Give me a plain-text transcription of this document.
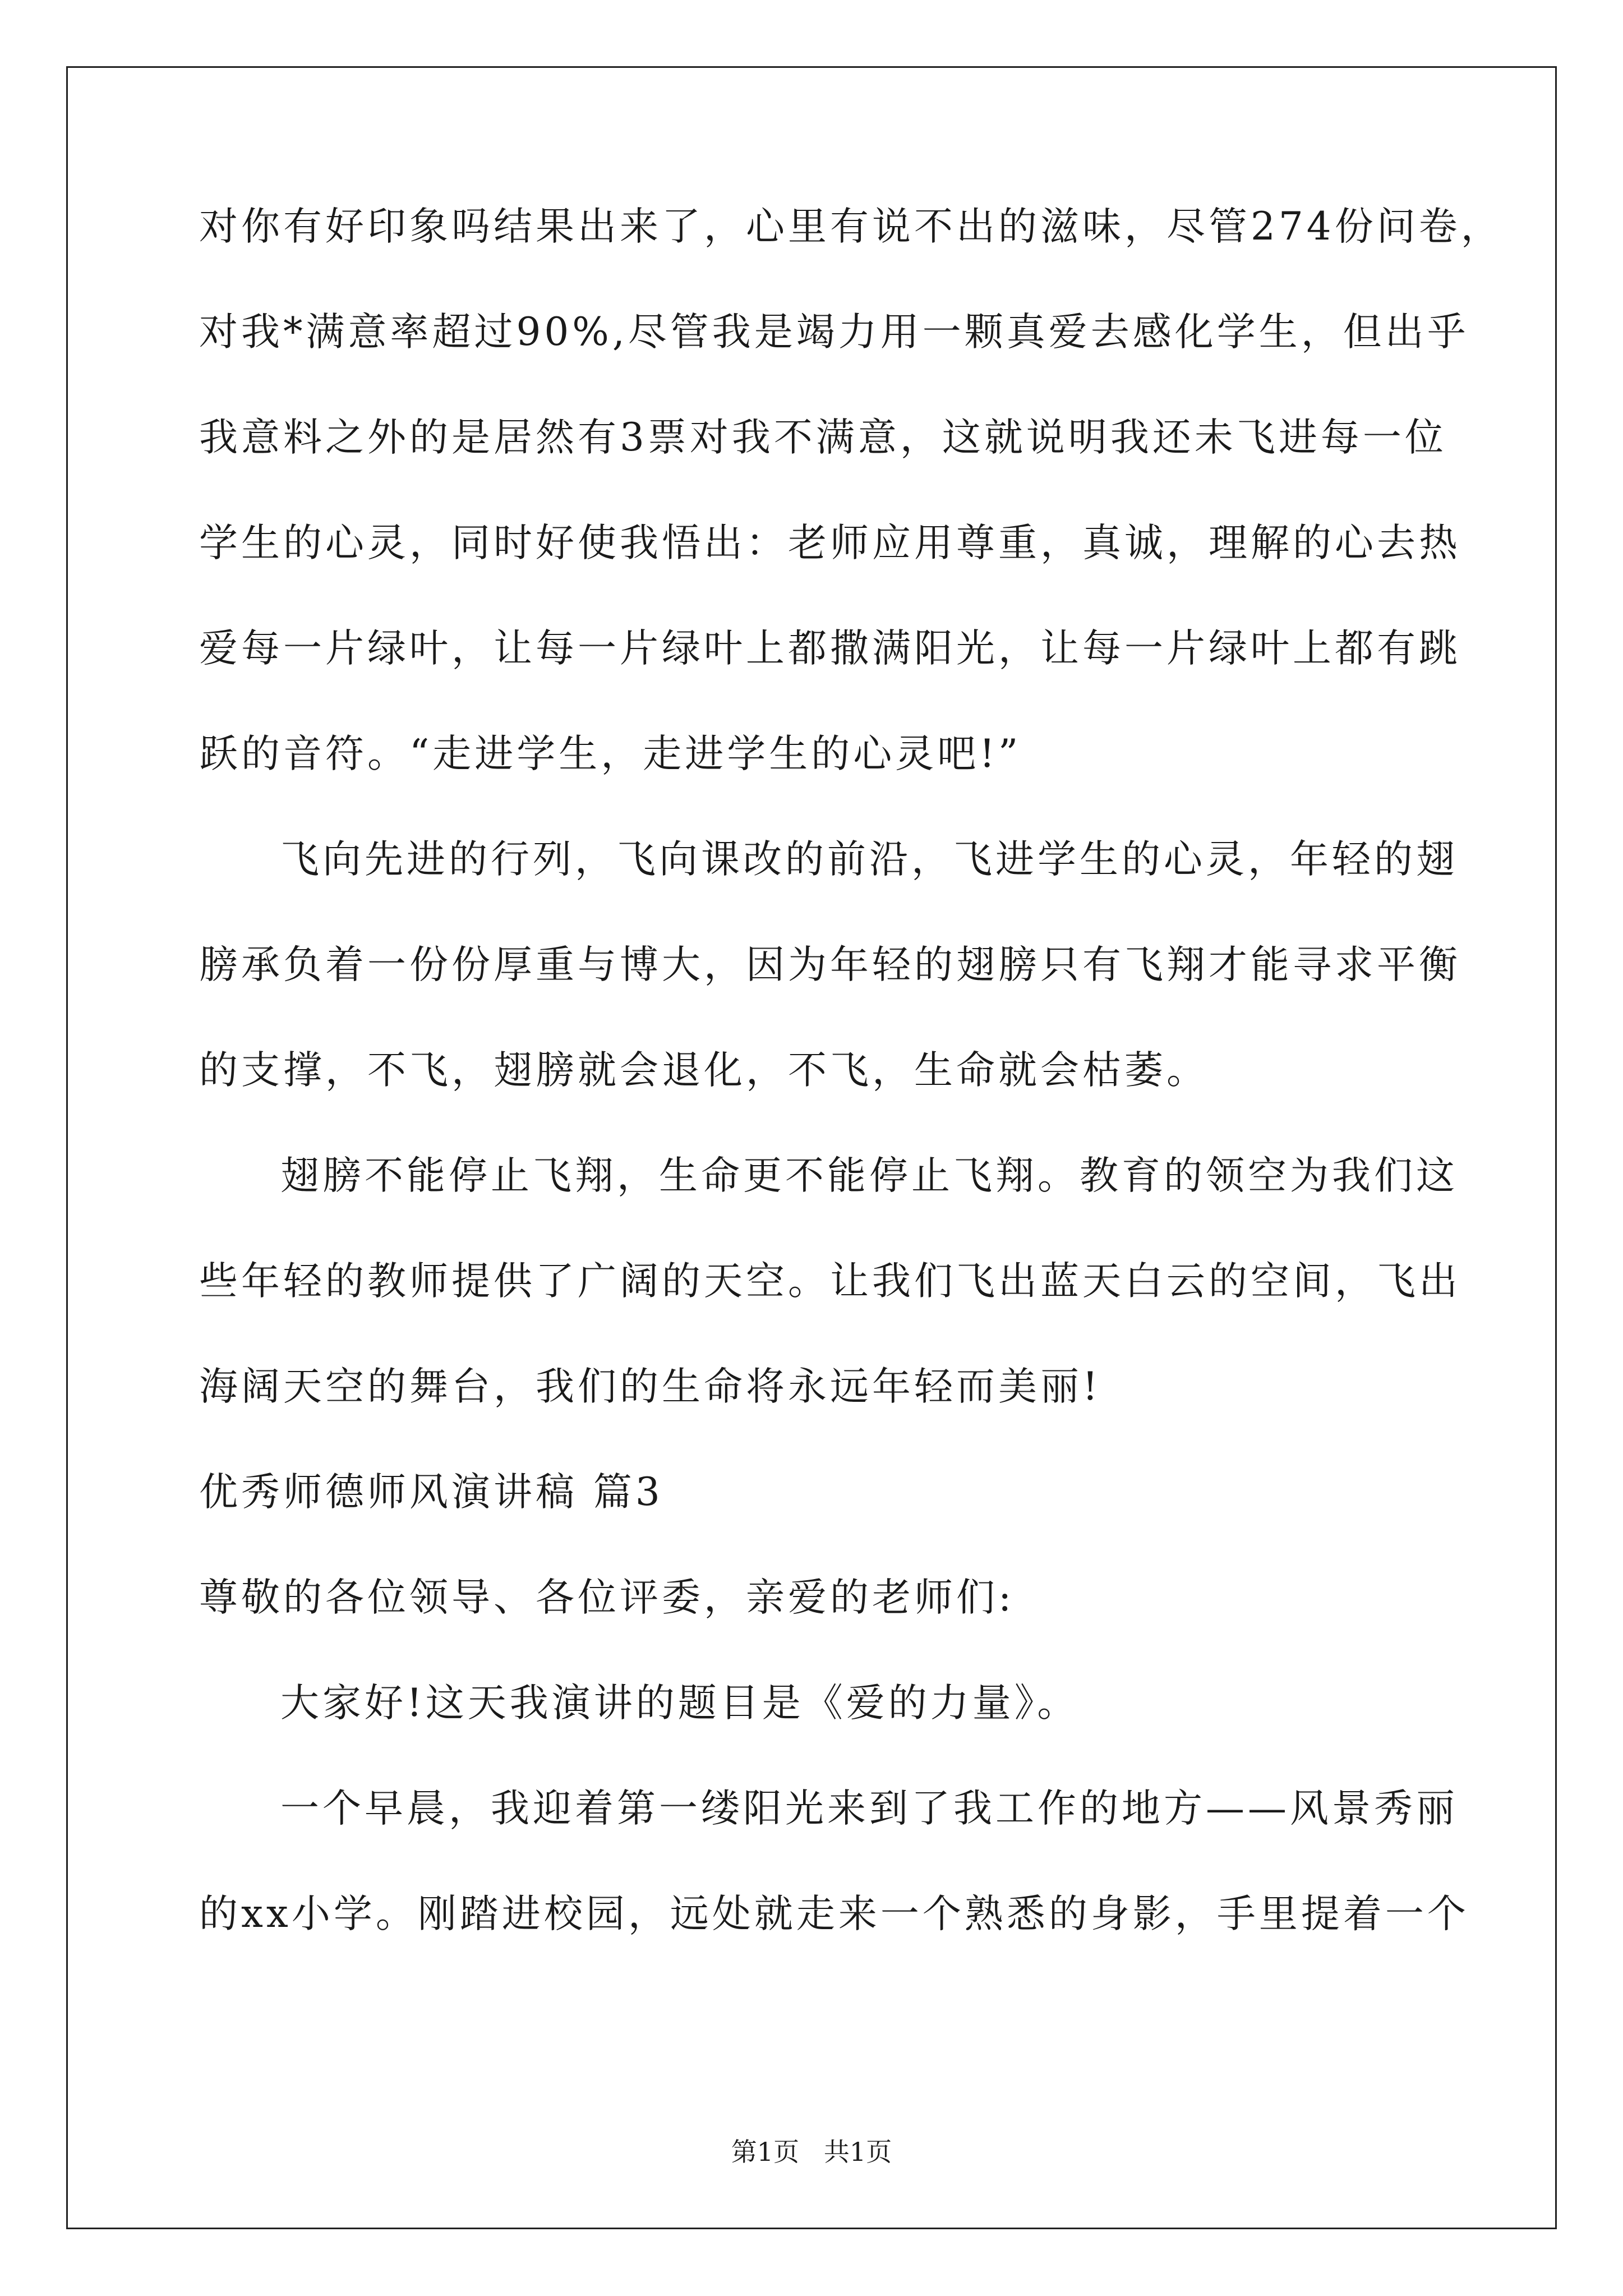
对你有好印象吗结果出来了，心里有说不出的滋味，尽管274份问卷，
对我*满意率超过90%,尽管我是竭力用一颗真爱去感化学生，但出乎
我意料之外的是居然有3票对我不满意，这就说明我还未飞进每一位
学生的心灵，同时好使我悟出：老师应用尊重，真诚，理解的心去热
爱每一片绿叶，让每一片绿叶上都撒满阳光，让每一片绿叶上都有跳
跃的音符。“走进学生，走进学生的心灵吧!”
飞向先进的行列，飞向课改的前沿，飞进学生的心灵，年轻的翅
膀承负着一份份厚重与博大，因为年轻的翅膀只有飞翔才能寻求平衡
的支撑，不飞，翅膀就会退化，不飞，生命就会枯萎。
翅膀不能停止飞翔，生命更不能停止飞翔。教育的领空为我们这
些年轻的教师提供了广阔的天空。让我们飞出蓝天白云的空间，飞出
海阔天空的舞台，我们的生命将永远年轻而美丽!
优秀师德师风演讲稿 篇3
尊敬的各位领导、各位评委，亲爱的老师们:
大家好!这天我演讲的题目是《爱的力量》。
一个早晨，我迎着第一缕阳光来到了我工作的地方——风景秀丽
的xx小学。刚踏进校园，远处就走来一个熟悉的身影，手里提着一个
第1页   共1页
